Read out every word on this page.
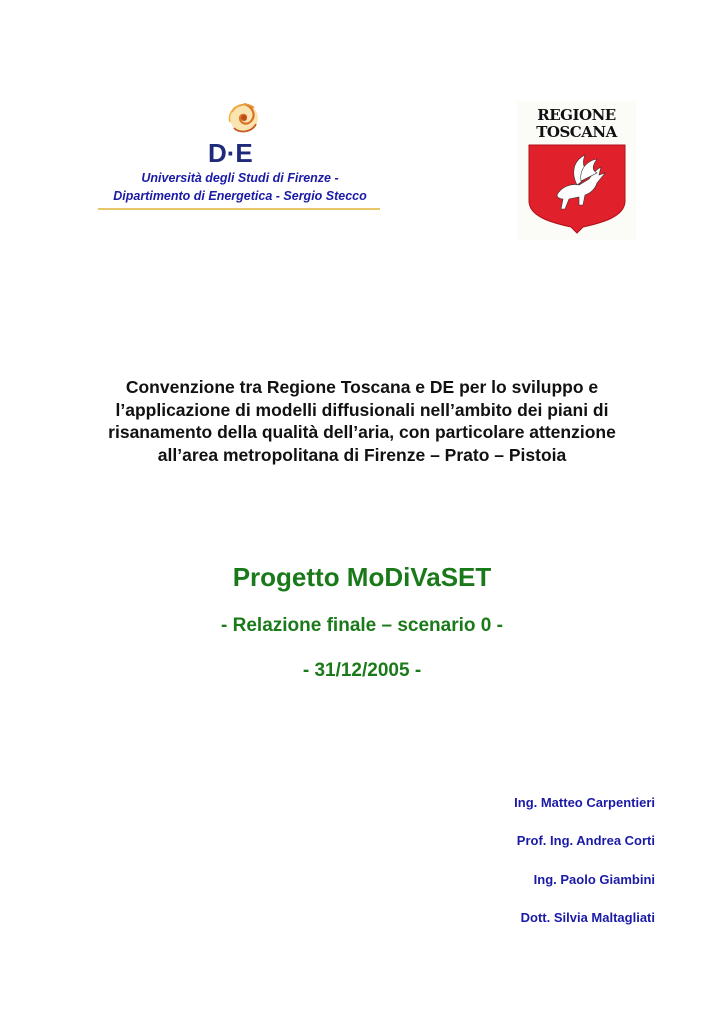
D·E
Università degli Studi di Firenze -
Dipartimento di Energetica - Sergio Stecco
REGIONE
TOSCANA
Convenzione tra Regione Toscana e DE per lo sviluppo e
l’applicazione di modelli diffusionali nell’ambito dei piani di
risanamento della qualità dell’aria, con particolare attenzione
all’area metropolitana di Firenze – Prato – Pistoia
Progetto MoDiVaSET
- Relazione finale – scenario 0 -
- 31/12/2005 -
Ing. Matteo Carpentieri
Prof. Ing. Andrea Corti
Ing. Paolo Giambini
Dott. Silvia Maltagliati
